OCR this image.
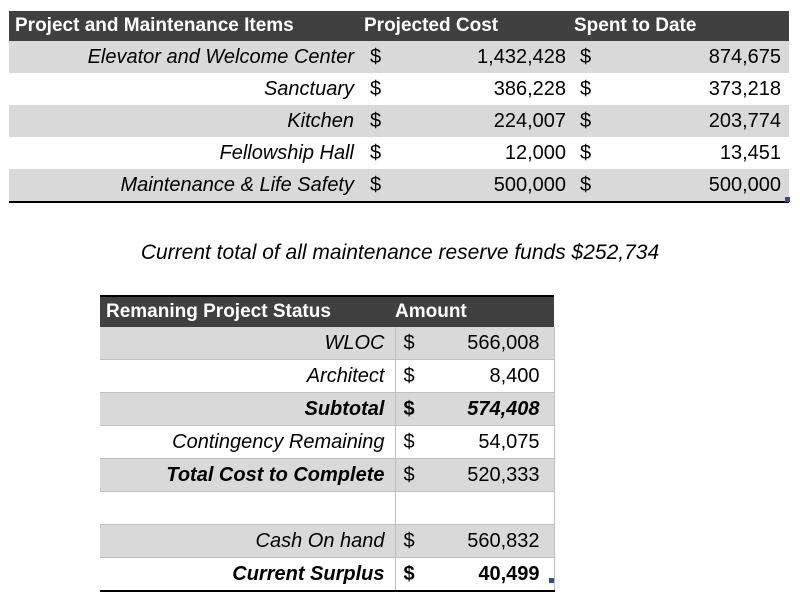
Project and Maintenance Items	Projected Cost		Spent to Date	
Elevator and Welcome Center	$	1,432,428	$	874,675
Sanctuary	$	386,228	$	373,218
Kitchen	$	224,007	$	203,774
Fellowship Hall	$	12,000	$	13,451
Maintenance & Life Safety	$	500,000	$	500,000
Current total of all maintenance reserve funds $252,734
Remaning Project Status	Amount	
WLOC	$	566,008
Architect	$	8,400
Subtotal	$	574,408
Contingency Remaining	$	54,075
Total Cost to Complete	$	520,333

Cash On hand	$	560,832
Current Surplus	$	40,499
